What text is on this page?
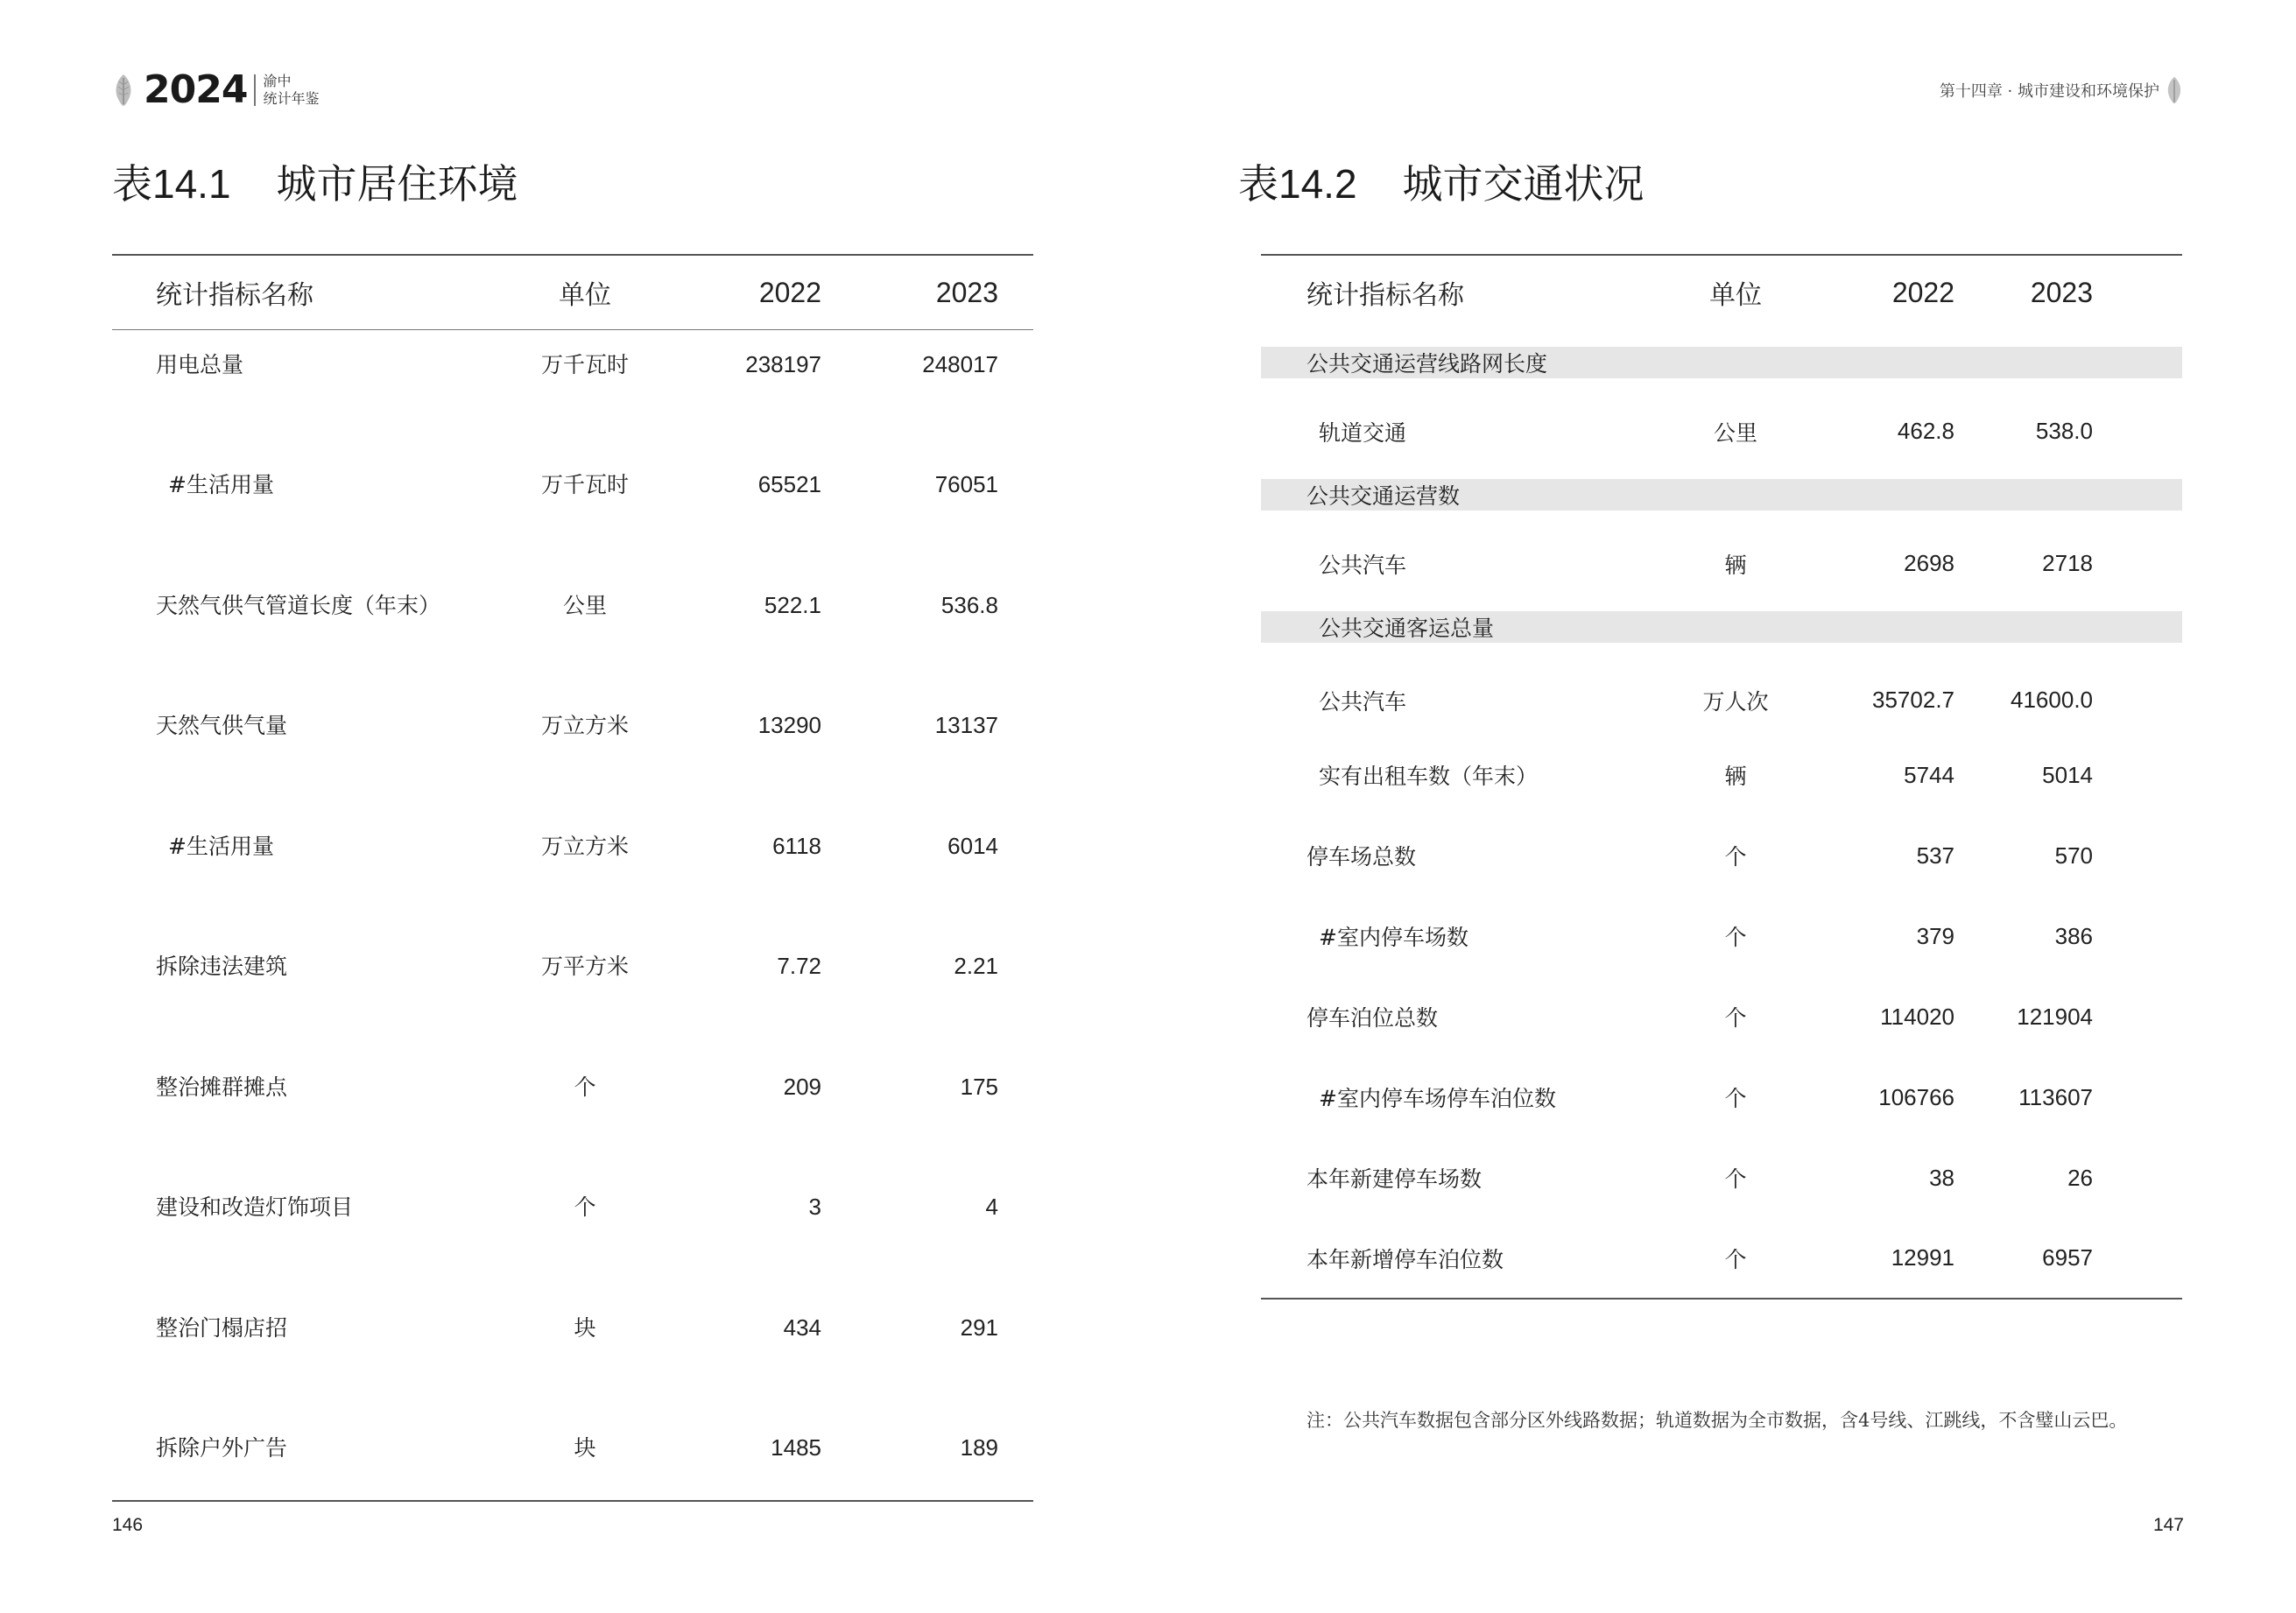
2024 渝中
统计年鉴	第十四章 · 城市建设和环境保护
表14.1 城市居住环境	表14.2 城市交通状况
	统计指标名称	单位	2022	2023	
	用电总量	万千瓦时	238197	248017	
	#生活用量	万千瓦时	65521	76051	
	天然气供气管道长度（年末）	公里	522.1	536.8	
	天然气供气量	万立方米	13290	13137	
	#生活用量	万立方米	6118	6014	
	拆除违法建筑	万平方米	7.72	2.21	
	整治摊群摊点	个	209	175	
	建设和改造灯饰项目	个	3	4	
	整治门榻店招	块	434	291	
	拆除户外广告	块	1485	189	
	统计指标名称	单位	2022	2023	
	公共交通运营线路网长度				
	轨道交通	公里	462.8	538.0	
	公共交通运营数				
	公共汽车	辆	2698	2718	
	公共交通客运总量				
	公共汽车	万人次	35702.7	41600.0	
	实有出租车数（年末）	辆	5744	5014	
	停车场总数	个	537	570	
	#室内停车场数	个	379	386	
	停车泊位总数	个	114020	121904	
	#室内停车场停车泊位数	个	106766	113607	
	本年新建停车场数	个	38	26	
	本年新增停车泊位数	个	12991	6957	
注：公共汽车数据包含部分区外线路数据；轨道数据为全市数据，含4号线、江跳线，不含璧山云巴。
146	147
